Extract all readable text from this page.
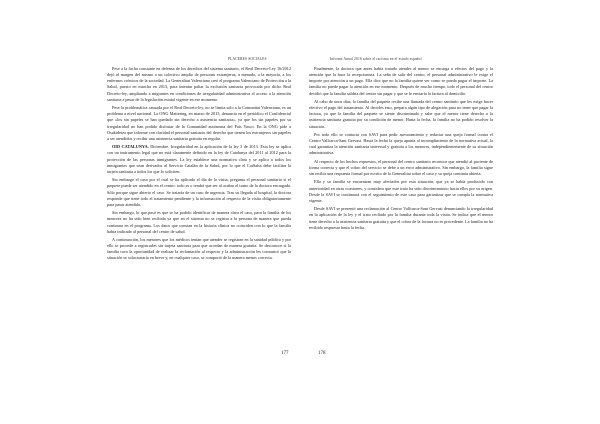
PLACERES SOCIALES	Informe Anual 2016 sobre el racismo en el estado español

Pese a la lucha constante en defensa de los derechos del sistema sanitario, el Real Decreto-Ley 16/2012 dejó al margen del mismo a un colectivo amplio de personas extranjeras, a menudo, a la mayoría, a los enfermos crónicos de la sociedad. La Generalitat Valenciana creó el programa Valenciano de Protección a la Salud, puesto en marcha en 2013, para intentar paliar la exclusión sanitaria provocada por dicho Real Decreto-ley, ampliando a migrantes en condiciones de irregularidad administrativa el acceso a la atención sanitaria a pesar de la legislación estatal vigente en ese momento.

Pese la problemática causada por el Real Decreto-ley, no se limita solo a la Comunitat Valenciana, es un problema a nivel nacional. La ONG Mattering, en marzo de 2015, denuncia en el periódico el Confidencial que «los sin papeles se han quedado sin derecho a asistencia sanitaria», ya que los sin papeles por su irregularidad no han podido disfrutar de la Comunidad autónoma del País Vasco. En la ONG pide a Osakidetza que informe con claridad el personal sanitario del derecho que tienen los extranjeros sin papeles a ser atendidos y recibir una asistencia sanitaria gratuita en regular.

OID CATALUNYA. Diciembre. Irregularidad en la aplicación de la ley 3 de 2013. Esta ley se aplica con un instrumento legal que no está claramente definido en la ley de Catalunya del 2011 al 2012 para la protección de las personas inmigrantes. La ley establece una normativa clara y se aplica a todos los inmigrantes que sean derivados al Servicio Catalán de la Salud, por lo que el CatSalut debe facilitar la tarjeta sanitaria a todos los que lo soliciten.

Sin embargo el caso por el cual se ha aplicado el día de la visita, pregunta el personal sanitario si el paquete puede ser atendido en el centro: todo es o tendrá que ser al acabar el turno de la doctora encargada. Sólo porque sigue abierto el caso. Se trataría de un caso de urgencia. Tras su llegada al hospital, la doctora responde que tiene todo el tratamiento pendiente y la información al respecto de la visita obligatoriamente para pasar atendida.

Sin embargo, lo que pasó es que se ha podido identificar de manera clara el caso, para la familia de los menores no ha sido bien recibida ya que en el sistema no se registra a la persona de manera que pueda continuar en el programa. Los datos que constan en la historia clínica no coinciden con lo que la familia había indicado al personal del centro de salud.

A continuación, los menores que los médicos tenían que atender se registran en la sanidad pública y por ello se procede a registrarles sin tarjeta sanitaria para que accedan de manera gratuita. Se desconoce si la familia tuvo la oportunidad de realizar la reclamación al respecto y la administración les comunicó que la situación se solucionaría en breve y, en cualquier caso, se comportó de la manera menos correcta.

Finalmente, la doctora que antes había tratado atender al menor se encarga a efectos del pago y la atención que la hace la recepcionista. La seña de salir del centro, el personal administrativo le exige el importe por atención a un pago. Ella dice que no la familia quiere ver como se pueda pagar el importe. La familia no puede pagar la atención en ese momento. Después de mucho tiempo, todo el personal del centro decidió que la familia saldría del centro sin pagar y que se le enviaría la factura al domicilio.

Al cabo de unos días, la familia del paquete recibe una llamada del centro sanitario que les exige hacer efectivo el pago del tratamiento. Al decirles esto, prepara algún tipo de alegación para no tener que pagar la factura, ya que la familia del paquete se siente discriminada y sabe que el menor tiene derecho a la asistencia sanitaria gratuita por su condición de menor. Hasta la fecha, la familia no ha podido resolver la situación.

Por todo ello se contacta con SAVI para pedir asesoramiento y redactar una queja formal contra el Centro Vallcarca-Sant Gervasi. Hasta la fecha la queja apunta al incumplimiento de la normativa actual, la cual garantiza la atención sanitaria universal y gratuita a los menores, independientemente de su situación administrativa.

Al respecto de los hechos expuestos, el personal del centro sanitario reconoce que atendió al paciente de forma correcta y que el cobro del servicio se debe a un error administrativo. Sin embargo, la familia sigue sin recibir una respuesta formal por escrito de la Generalitat sobre el caso y su queja continúa abierta.

Ella y su familia se encuentran muy afectados por esta situación, que ya se había producido con anterioridad en otras ocasiones, y considera que este trato ha sido discriminatorio hacia ellos por su origen. Desde la SAVI se continuará con el seguimiento de este caso para garantizar que se cumpla la normativa vigente.

Desde SAVI se presentó una reclamación al Centro Vallcarca-Sant Gervasi denunciando la irregularidad en la aplicación de la ley y el trato recibido por la familia durante toda la visita. Se indica que el menor tiene derecho a la asistencia sanitaria gratuita y que el cobro de la factura no es procedente. La familia no ha recibido respuesta hasta la fecha.

177	178
